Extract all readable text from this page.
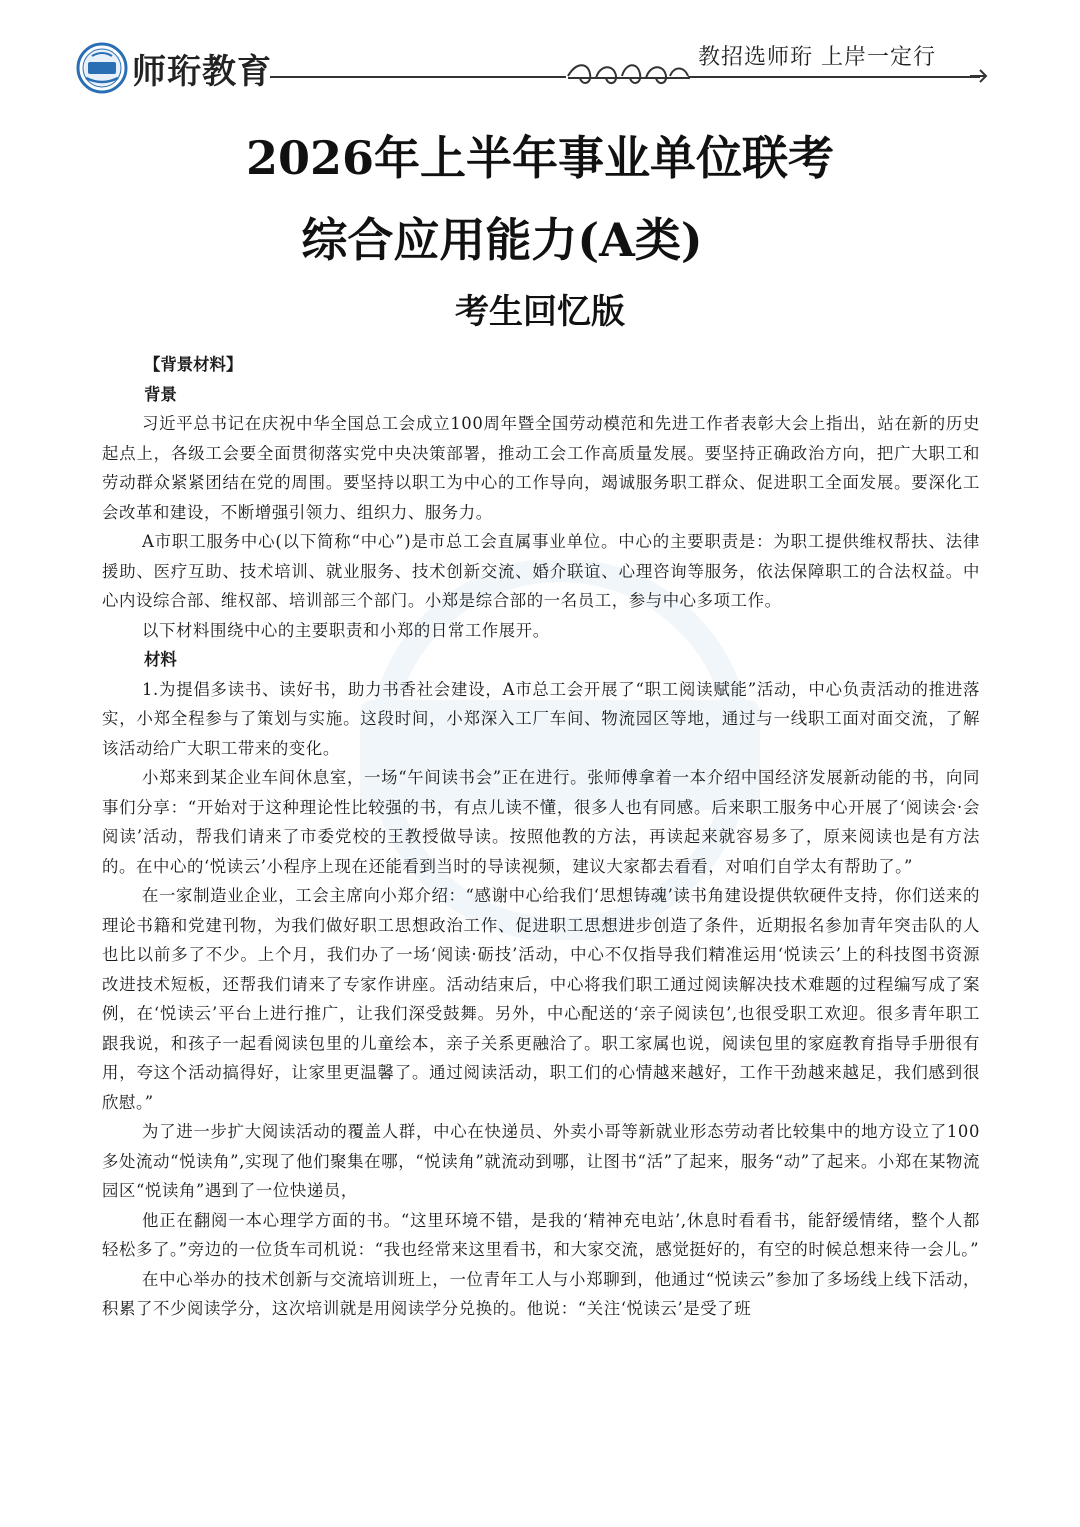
师珩教育	教招选师珩 上岸一定行
2026年上半年事业单位联考
综合应用能力(A类)
考生回忆版

【背景材料】

背景

习近平总书记在庆祝中华全国总工会成立100周年暨全国劳动模范和先进工作者表彰大会上指出，站在新的历史起点上，各级工会要全面贯彻落实党中央决策部署，推动工会工作高质量发展。要坚持正确政治方向，把广大职工和劳动群众紧紧团结在党的周围。要坚持以职工为中心的工作导向，竭诚服务职工群众、促进职工全面发展。要深化工会改革和建设，不断增强引领力、组织力、服务力。

A市职工服务中心(以下简称“中心”)是市总工会直属事业单位。中心的主要职责是：为职工提供维权帮扶、法律援助、医疗互助、技术培训、就业服务、技术创新交流、婚介联谊、心理咨询等服务，依法保障职工的合法权益。中心内设综合部、维权部、培训部三个部门。小郑是综合部的一名员工，参与中心多项工作。

以下材料围绕中心的主要职责和小郑的日常工作展开。

材料

1.为提倡多读书、读好书，助力书香社会建设，A市总工会开展了“职工阅读赋能”活动，中心负责活动的推进落实，小郑全程参与了策划与实施。这段时间，小郑深入工厂车间、物流园区等地，通过与一线职工面对面交流，了解该活动给广大职工带来的变化。

小郑来到某企业车间休息室，一场“午间读书会”正在进行。张师傅拿着一本介绍中国经济发展新动能的书，向同事们分享：“开始对于这种理论性比较强的书，有点儿读不懂，很多人也有同感。后来职工服务中心开展了‘阅读会·会阅读’活动，帮我们请来了市委党校的王教授做导读。按照他教的方法，再读起来就容易多了，原来阅读也是有方法的。在中心的‘悦读云’小程序上现在还能看到当时的导读视频，建议大家都去看看，对咱们自学太有帮助了。”

在一家制造业企业，工会主席向小郑介绍：“感谢中心给我们‘思想铸魂’读书角建设提供软硬件支持，你们送来的理论书籍和党建刊物，为我们做好职工思想政治工作、促进职工思想进步创造了条件，近期报名参加青年突击队的人也比以前多了不少。上个月，我们办了一场‘阅读·砺技’活动，中心不仅指导我们精准运用‘悦读云’上的科技图书资源改进技术短板，还帮我们请来了专家作讲座。活动结束后，中心将我们职工通过阅读解决技术难题的过程编写成了案例，在‘悦读云’平台上进行推广，让我们深受鼓舞。另外，中心配送的‘亲子阅读包’,也很受职工欢迎。很多青年职工跟我说，和孩子一起看阅读包里的儿童绘本，亲子关系更融洽了。职工家属也说，阅读包里的家庭教育指导手册很有用，夸这个活动搞得好，让家里更温馨了。通过阅读活动，职工们的心情越来越好，工作干劲越来越足，我们感到很欣慰。”

为了进一步扩大阅读活动的覆盖人群，中心在快递员、外卖小哥等新就业形态劳动者比较集中的地方设立了100多处流动“悦读角”,实现了他们聚集在哪，“悦读角”就流动到哪，让图书“活”了起来，服务“动”了起来。小郑在某物流园区“悦读角”遇到了一位快递员，

他正在翻阅一本心理学方面的书。“这里环境不错，是我的‘精神充电站’,休息时看看书，能舒缓情绪，整个人都轻松多了。”旁边的一位货车司机说：“我也经常来这里看书，和大家交流，感觉挺好的，有空的时候总想来待一会儿。”

在中心举办的技术创新与交流培训班上，一位青年工人与小郑聊到，他通过“悦读云”参加了多场线上线下活动，积累了不少阅读学分，这次培训就是用阅读学分兑换的。他说：“关注‘悦读云’是受了班
